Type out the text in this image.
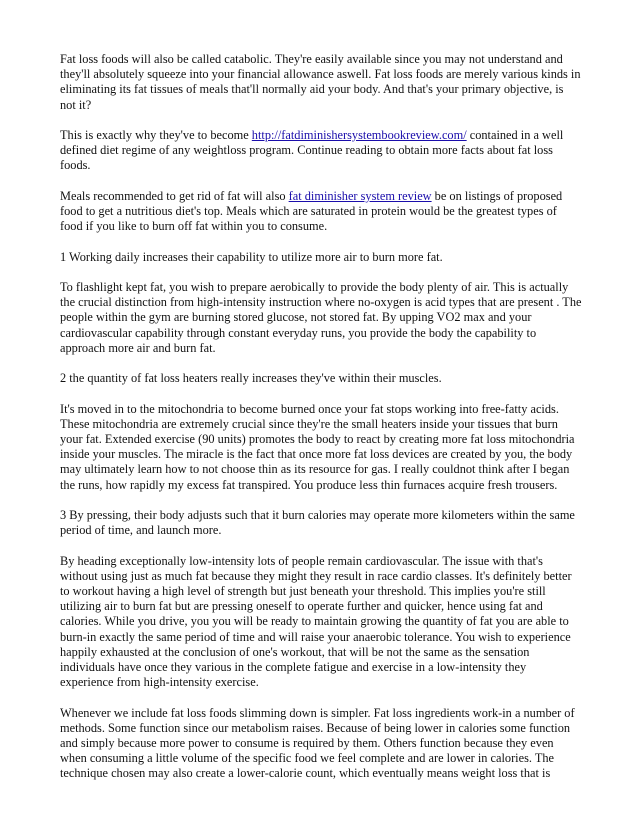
Fat loss foods will also be called catabolic. They're easily available since you may not understand and they'll absolutely squeeze into your financial allowance aswell. Fat loss foods are merely various kinds in eliminating its fat tissues of meals that'll normally aid your body. And that's your primary objective, is not it?

This is exactly why they've to become http://fatdiminishersystembookreview.com/ contained in a well defined diet regime of any weightloss program. Continue reading to obtain more facts about fat loss foods.

Meals recommended to get rid of fat will also fat diminisher system review be on listings of proposed food to get a nutritious diet's top. Meals which are saturated in protein would be the greatest types of food if you like to burn off fat within you to consume.

1 Working daily increases their capability to utilize more air to burn more fat.

To flashlight kept fat, you wish to prepare aerobically to provide the body plenty of air. This is actually the crucial distinction from high-intensity instruction where no-oxygen is acid types that are present . The people within the gym are burning stored glucose, not stored fat. By upping VO2 max and your cardiovascular capability through constant everyday runs, you provide the body the capability to approach more air and burn fat.

2 the quantity of fat loss heaters really increases they've within their muscles.

It's moved in to the mitochondria to become burned once your fat stops working into free-fatty acids. These mitochondria are extremely crucial since they're the small heaters inside your tissues that burn your fat. Extended exercise (90 units) promotes the body to react by creating more fat loss mitochondria inside your muscles. The miracle is the fact that once more fat loss devices are created by you, the body may ultimately learn how to not choose thin as its resource for gas. I really couldnot think after I began the runs, how rapidly my excess fat transpired. You produce less thin furnaces acquire fresh trousers.

3 By pressing, their body adjusts such that it burn calories may operate more kilometers within the same period of time, and launch more.

By heading exceptionally low-intensity lots of people remain cardiovascular. The issue with that's without using just as much fat because they might they result in race cardio classes. It's definitely better to workout having a high level of strength but just beneath your threshold. This implies you're still utilizing air to burn fat but are pressing oneself to operate further and quicker, hence using fat and calories. While you drive, you you will be ready to maintain growing the quantity of fat you are able to burn-in exactly the same period of time and will raise your anaerobic tolerance. You wish to experience happily exhausted at the conclusion of one's workout, that will be not the same as the sensation individuals have once they various in the complete fatigue and exercise in a low-intensity they experience from high-intensity exercise.

Whenever we include fat loss foods slimming down is simpler. Fat loss ingredients work-in a number of methods. Some function since our metabolism raises. Because of being lower in calories some function and simply because more power to consume is required by them. Others function because they even when consuming a little volume of the specific food we feel complete and are lower in calories. The technique chosen may also create a lower-calorie count, which eventually means weight loss that is
